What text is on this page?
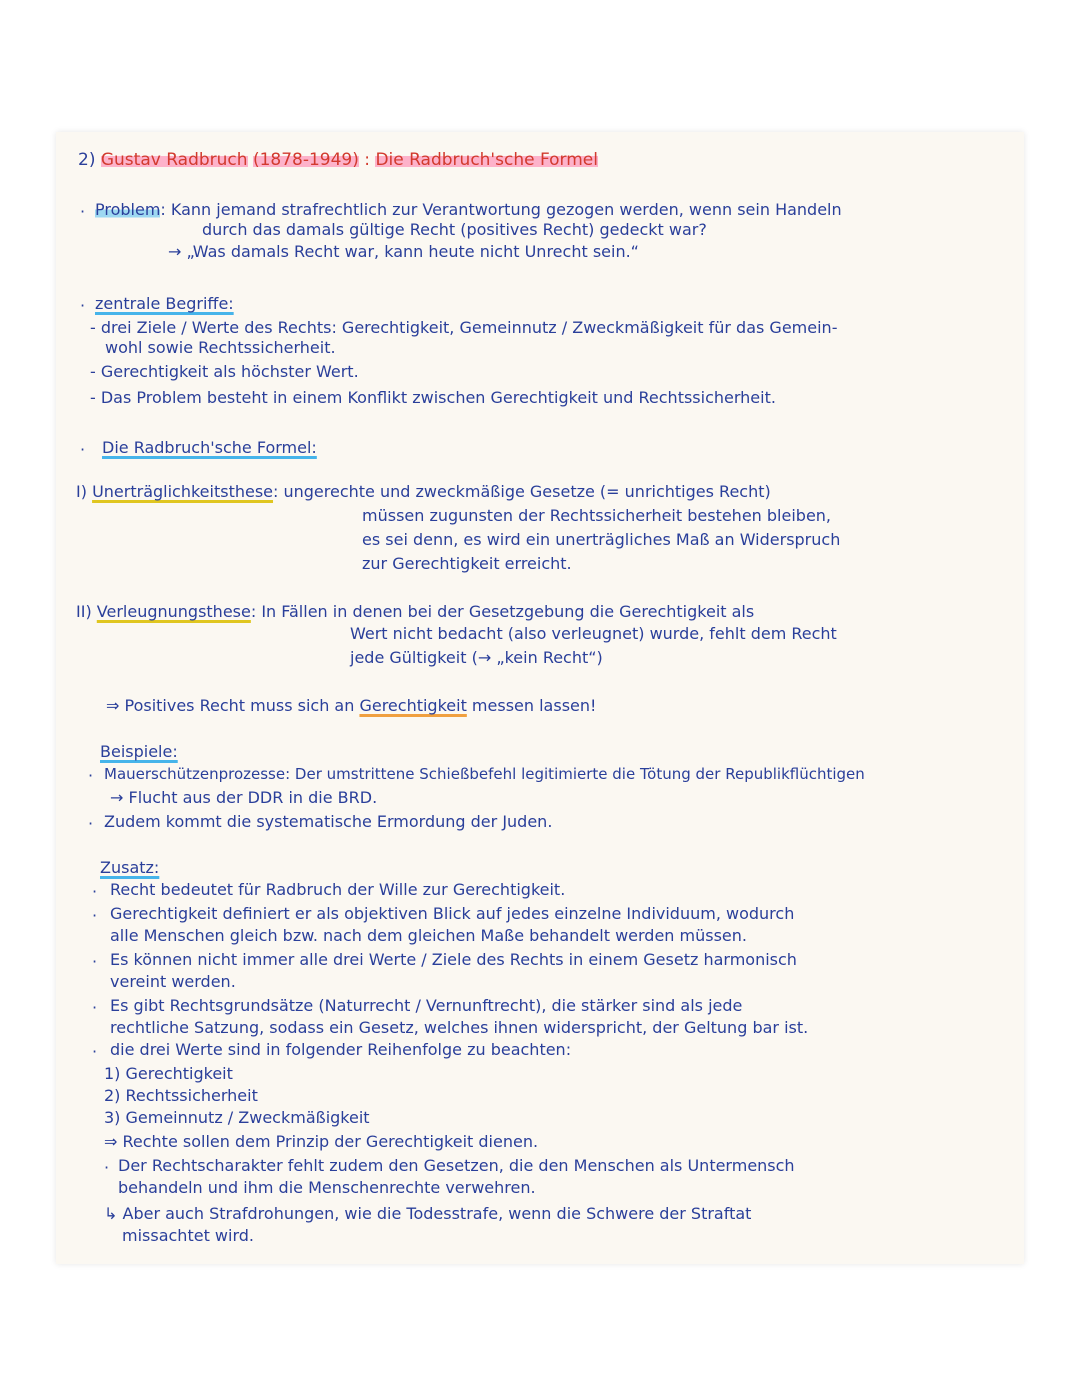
2) Gustav Radbruch (1878-1949) : Die Radbruch'sche Formel
· Problem: Kann jemand strafrechtlich zur Verantwortung gezogen werden, wenn sein Handeln
durch das damals gültige Recht (positives Recht) gedeckt war?
→ „Was damals Recht war, kann heute nicht Unrecht sein.“
· zentrale Begriffe:
- drei Ziele / Werte des Rechts: Gerechtigkeit, Gemeinnutz / Zweckmäßigkeit für das Gemein-
wohl sowie Rechtssicherheit.
- Gerechtigkeit als höchster Wert.
- Das Problem besteht in einem Konflikt zwischen Gerechtigkeit und Rechtssicherheit.
· Die Radbruch'sche Formel:
I) Unerträglichkeitsthese: ungerechte und zweckmäßige Gesetze (= unrichtiges Recht)
müssen zugunsten der Rechtssicherheit bestehen bleiben,
es sei denn, es wird ein unerträgliches Maß an Widerspruch
zur Gerechtigkeit erreicht.
II) Verleugnungsthese: In Fällen in denen bei der Gesetzgebung die Gerechtigkeit als
Wert nicht bedacht (also verleugnet) wurde, fehlt dem Recht
jede Gültigkeit (→ „kein Recht“)
⇒ Positives Recht muss sich an Gerechtigkeit messen lassen!
Beispiele:
· Mauerschützenprozesse: Der umstrittene Schießbefehl legitimierte die Tötung der Republikflüchtigen
→ Flucht aus der DDR in die BRD.
· Zudem kommt die systematische Ermordung der Juden.
Zusatz:
· Recht bedeutet für Radbruch der Wille zur Gerechtigkeit.
· Gerechtigkeit definiert er als objektiven Blick auf jedes einzelne Individuum, wodurch
alle Menschen gleich bzw. nach dem gleichen Maße behandelt werden müssen.
· Es können nicht immer alle drei Werte / Ziele des Rechts in einem Gesetz harmonisch
vereint werden.
· Es gibt Rechtsgrundsätze (Naturrecht / Vernunftrecht), die stärker sind als jede
rechtliche Satzung, sodass ein Gesetz, welches ihnen widerspricht, der Geltung bar ist.
· die drei Werte sind in folgender Reihenfolge zu beachten:
1) Gerechtigkeit
2) Rechtssicherheit
3) Gemeinnutz / Zweckmäßigkeit
⇒ Rechte sollen dem Prinzip der Gerechtigkeit dienen.
· Der Rechtscharakter fehlt zudem den Gesetzen, die den Menschen als Untermensch
behandeln und ihm die Menschenrechte verwehren.
↳ Aber auch Strafdrohungen, wie die Todesstrafe, wenn die Schwere der Straftat
missachtet wird.
